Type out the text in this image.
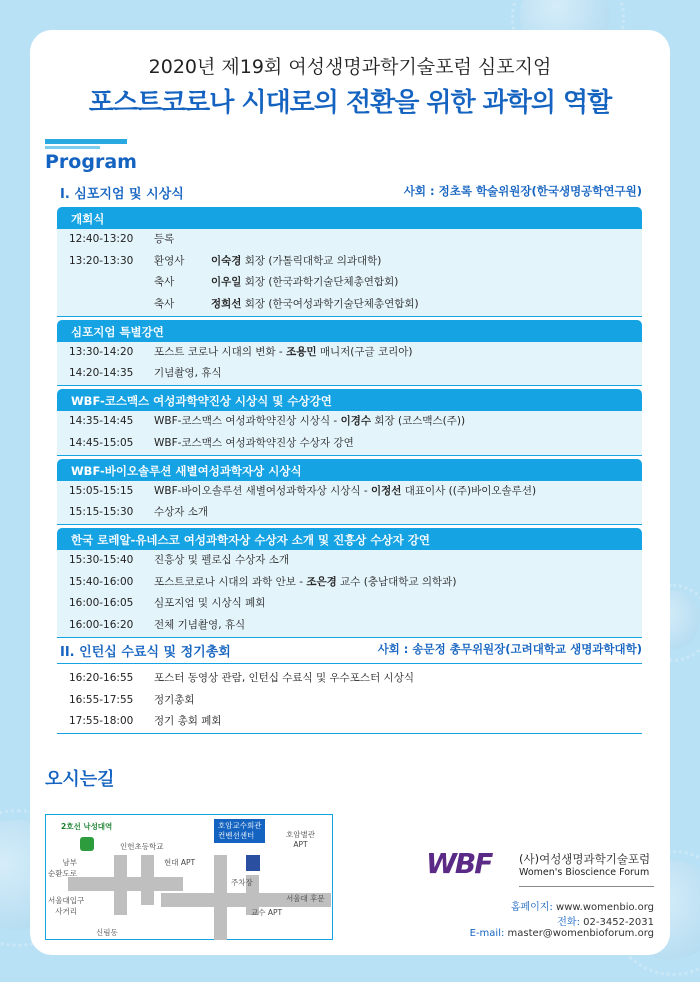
2020년 제19회 여성생명과학기술포럼 심포지엄
포스트코로나 시대로의 전환을 위한 과학의 역할
Program
I. 심포지엄 및 시상식	사회 : 정초록 학술위원장(한국생명공학연구원)
개회식
12:40-13:20 등록
13:20-13:30 환영사	이숙경 회장 (가톨릭대학교 의과대학)
축사	이우일 회장 (한국과학기술단체총연합회)
축사	정희선 회장 (한국여성과학기술단체총연합회)
심포지엄 특별강연
13:30-14:20 포스트 코로나 시대의 변화 - 조용민 매니저(구글 코리아)
14:20-14:35 기념촬영, 휴식
WBF-코스맥스 여성과학약진상 시상식 및 수상강연
14:35-14:45 WBF-코스맥스 여성과학약진상 시상식 - 이경수 회장 (코스맥스(주))
14:45-15:05 WBF-코스맥스 여성과학약진상 수상자 강연
WBF-바이오솔루션 새별여성과학자상 시상식
15:05-15:15 WBF-바이오솔루션 새별여성과학자상 시상식 - 이정선 대표이사 ((주)바이오솔루션)
15:15-15:30 수상자 소개
한국 로레알-유네스코 여성과학자상 수상자 소개 및 진흥상 수상자 강연
15:30-15:40 진흥상 및 펠로십 수상자 소개
15:40-16:00 포스트코로나 시대의 과학 안보 - 조은경 교수 (충남대학교 의학과)
16:00-16:05 심포지엄 및 시상식 폐회
16:00-16:20 전체 기념촬영, 휴식
II. 인턴십 수료식 및 정기총회	사회 : 송문정 총무위원장(고려대학교 생명과학대학)
16:20-16:55 포스터 동영상 관람, 인턴십 수료식 및 우수포스터 시상식
16:55-17:55 정기총회
17:55-18:00 정기 총회 폐회
오시는길
2호선 낙성대역
인헌초등학교
호암교수회관
컨벤션센터	호암별관
APT
현대 APT
남부
순환도로
주차장
서울대입구
사거리
서울대 후문
교수 APT
신림동
WBF (사)여성생명과학기술포럼
Women's Bioscience Forum
홈페이지: www.womenbio.org
전화: 02-3452-2031
E-mail: master@womenbioforum.org
